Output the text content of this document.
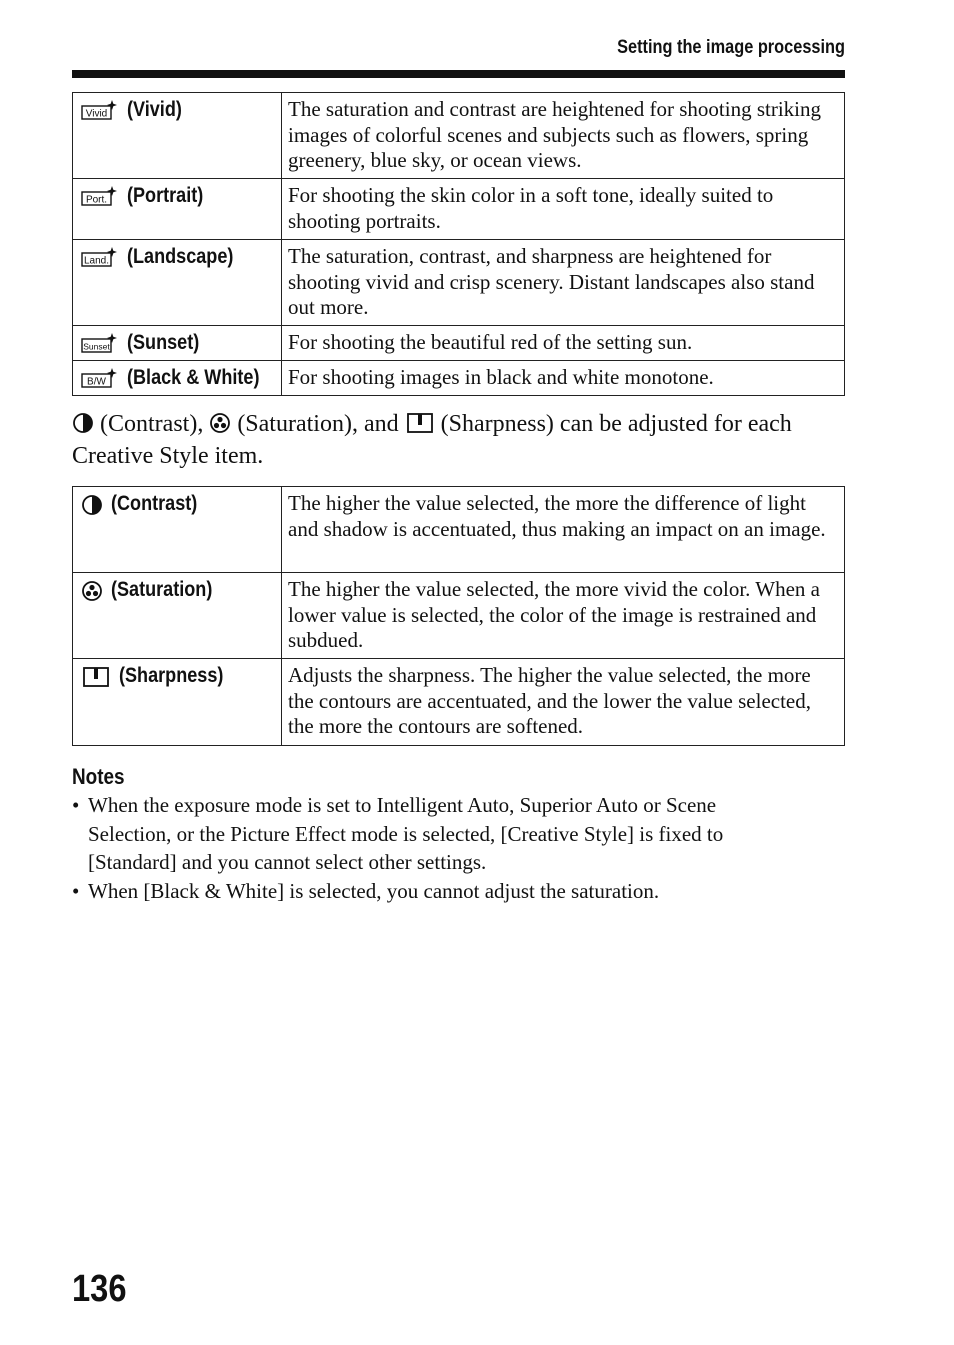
Setting the image processing
Vivid (Vivid)	The saturation and contrast are heightened for shooting striking images of colorful scenes and subjects such as flowers, spring greenery, blue sky, or ocean views.

Port. (Portrait)	For shooting the skin color in a soft tone, ideally suited to shooting portraits.

Land. (Landscape)	The saturation, contrast, and sharpness are heightened for shooting vivid and crisp scenery. Distant landscapes also stand out more.

Sunset (Sunset)	For shooting the beautiful red of the setting sun.

B/W (Black & White)	For shooting images in black and white monotone.
(Contrast), (Saturation), and (Sharpness) can be adjusted for each Creative Style item.
(Contrast)	The higher the value selected, the more the difference of light and shadow is accentuated, thus making an impact on an image.

(Saturation)	The higher the value selected, the more vivid the color. When a lower value is selected, the color of the image is restrained and subdued.

(Sharpness)	Adjusts the sharpness. The higher the value selected, the more the contours are accentuated, and the lower the value selected, the more the contours are softened.
Notes
• When the exposure mode is set to Intelligent Auto, Superior Auto or Scene Selection, or the Picture Effect mode is selected, [Creative Style] is fixed to [Standard] and you cannot select other settings.
• When [Black & White] is selected, you cannot adjust the saturation.
136
